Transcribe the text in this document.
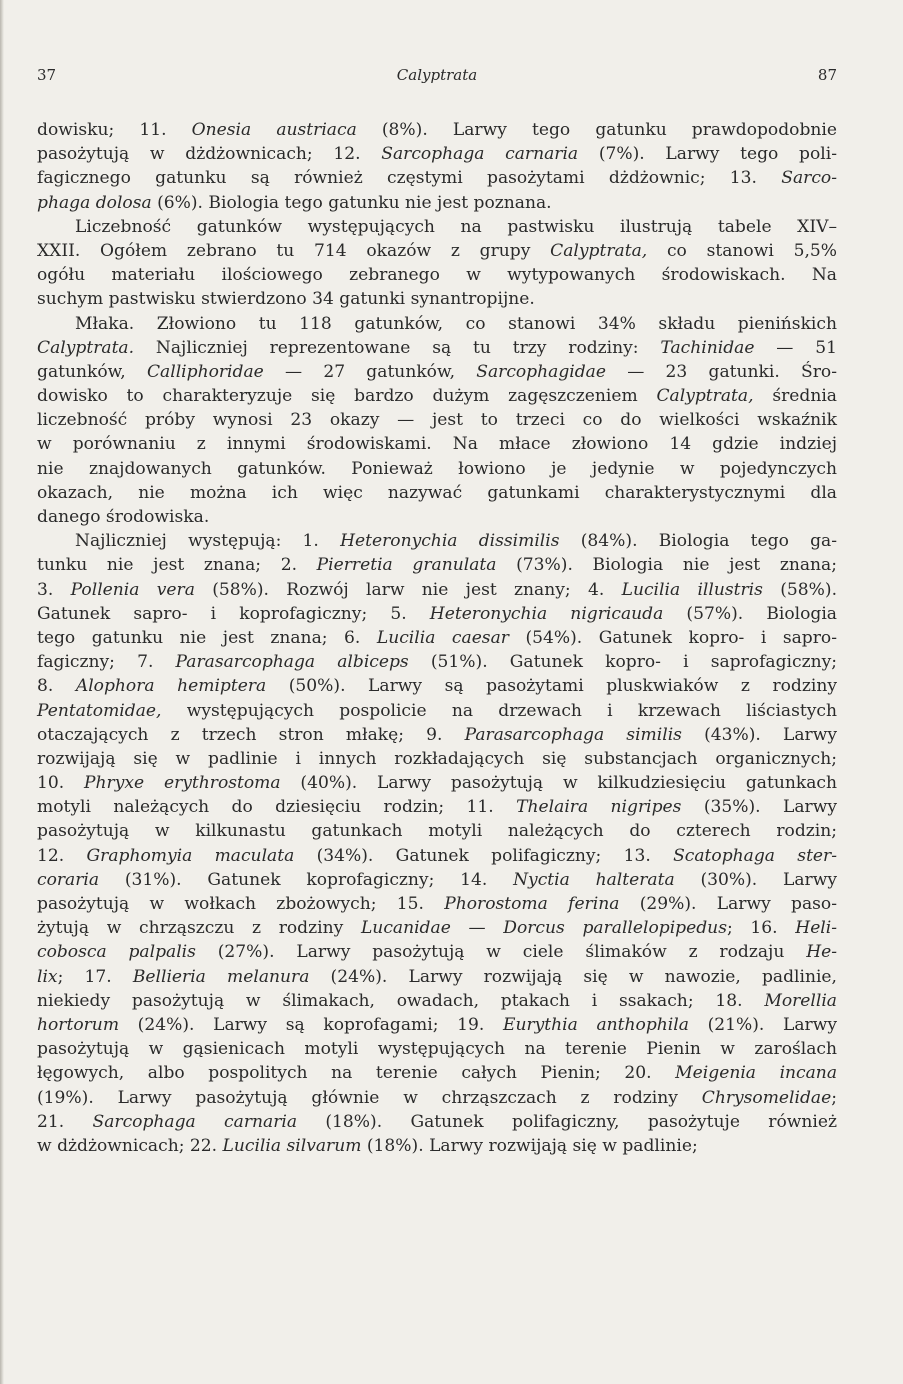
37	Calyptrata	87
dowisku; 11. Onesia austriaca (8%). Larwy tego gatunku prawdopodobnie
pasożytują w dżdżownicach; 12. Sarcophaga carnaria (7%). Larwy tego poli-
fagicznego gatunku są również częstymi pasożytami dżdżownic; 13. Sarco-
phaga dolosa (6%). Biologia tego gatunku nie jest poznana.
Liczebność gatunków występujących na pastwisku ilustrują tabele XIV–
XXII. Ogółem zebrano tu 714 okazów z grupy Calyptrata, co stanowi 5,5%
ogółu materiału ilościowego zebranego w wytypowanych środowiskach. Na
suchym pastwisku stwierdzono 34 gatunki synantropijne.
Młaka. Złowiono tu 118 gatunków, co stanowi 34% składu pienińskich
Calyptrata. Najliczniej reprezentowane są tu trzy rodziny: Tachinidae — 51
gatunków, Calliphoridae — 27 gatunków, Sarcophagidae — 23 gatunki. Śro-
dowisko to charakteryzuje się bardzo dużym zagęszczeniem Calyptrata, średnia
liczebność próby wynosi 23 okazy — jest to trzeci co do wielkości wskaźnik
w porównaniu z innymi środowiskami. Na młace złowiono 14 gdzie indziej
nie znajdowanych gatunków. Ponieważ łowiono je jedynie w pojedynczych
okazach, nie można ich więc nazywać gatunkami charakterystycznymi dla
danego środowiska.
Najliczniej występują: 1. Heteronychia dissimilis (84%). Biologia tego ga-
tunku nie jest znana; 2. Pierretia granulata (73%). Biologia nie jest znana;
3. Pollenia vera (58%). Rozwój larw nie jest znany; 4. Lucilia illustris (58%).
Gatunek sapro- i koprofagiczny; 5. Heteronychia nigricauda (57%). Biologia
tego gatunku nie jest znana; 6. Lucilia caesar (54%). Gatunek kopro- i sapro-
fagiczny; 7. Parasarcophaga albiceps (51%). Gatunek kopro- i saprofagiczny;
8. Alophora hemiptera (50%). Larwy są pasożytami pluskwiaków z rodziny
Pentatomidae, występujących pospolicie na drzewach i krzewach liściastych
otaczających z trzech stron młakę; 9. Parasarcophaga similis (43%). Larwy
rozwijają się w padlinie i innych rozkładających się substancjach organicznych;
10. Phryxe erythrostoma (40%). Larwy pasożytują w kilkudziesięciu gatunkach
motyli należących do dziesięciu rodzin; 11. Thelaira nigripes (35%). Larwy
pasożytują w kilkunastu gatunkach motyli należących do czterech rodzin;
12. Graphomyia maculata (34%). Gatunek polifagiczny; 13. Scatophaga ster-
coraria (31%). Gatunek koprofagiczny; 14. Nyctia halterata (30%). Larwy
pasożytują w wołkach zbożowych; 15. Phorostoma ferina (29%). Larwy paso-
żytują w chrząszczu z rodziny Lucanidae — Dorcus parallelopipedus; 16. Heli-
cobosca palpalis (27%). Larwy pasożytują w ciele ślimaków z rodzaju He-
lix; 17. Bellieria melanura (24%). Larwy rozwijają się w nawozie, padlinie,
niekiedy pasożytują w ślimakach, owadach, ptakach i ssakach; 18. Morellia
hortorum (24%). Larwy są koprofagami; 19. Eurythia anthophila (21%). Larwy
pasożytują w gąsienicach motyli występujących na terenie Pienin w zaroślach
łęgowych, albo pospolitych na terenie całych Pienin; 20. Meigenia incana
(19%). Larwy pasożytują głównie w chrząszczach z rodziny Chrysomelidae;
21. Sarcophaga carnaria (18%). Gatunek polifagiczny, pasożytuje również
w dżdżownicach; 22. Lucilia silvarum (18%). Larwy rozwijają się w padlinie;
